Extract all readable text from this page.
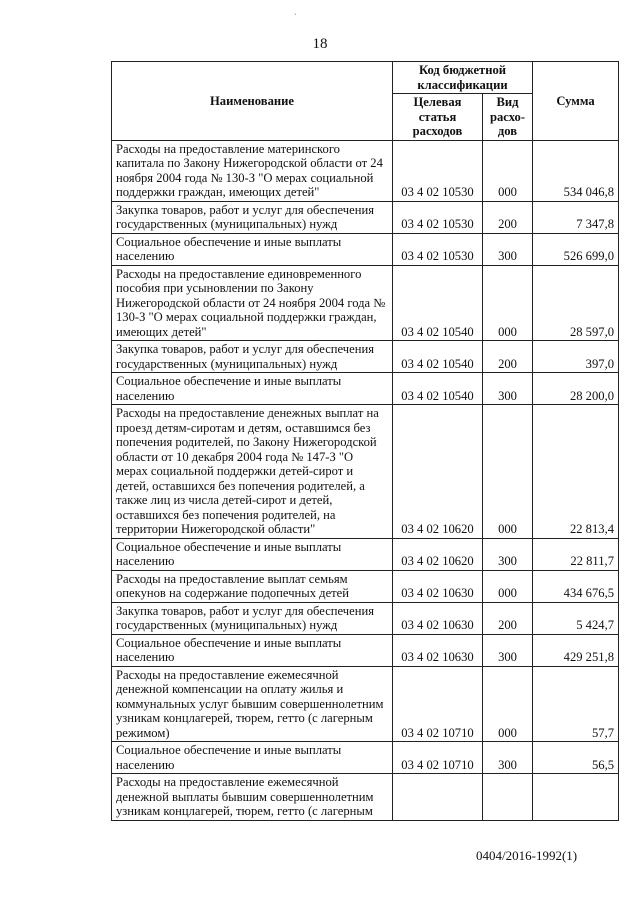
ˎ
18
Наименование	Код бюджетной классификации		Сумма
	Целевая статья расходов	Вид расхо-дов	
Расходы на предоставление материнского капитала по Закону Нижегородской области от 24 ноября 2004 года № 130-З "О мерах социальной поддержки граждан, имеющих детей"	03 4 02 10530	000	534 046,8
Закупка товаров, работ и услуг для обеспечения государственных (муниципальных) нужд	03 4 02 10530	200	7 347,8
Социальное обеспечение и иные выплаты населению	03 4 02 10530	300	526 699,0
Расходы на предоставление единовременного пособия при усыновлении по Закону Нижегородской области от 24 ноября 2004 года № 130-З "О мерах социальной поддержки граждан, имеющих детей"	03 4 02 10540	000	28 597,0
Закупка товаров, работ и услуг для обеспечения государственных (муниципальных) нужд	03 4 02 10540	200	397,0
Социальное обеспечение и иные выплаты населению	03 4 02 10540	300	28 200,0
Расходы на предоставление денежных выплат на проезд детям-сиротам и детям, оставшимся без попечения родителей, по Закону Нижегородской области от 10 декабря 2004 года № 147-З "О мерах социальной поддержки детей-сирот и детей, оставшихся без попечения родителей, а также лиц из числа детей-сирот и детей, оставшихся без попечения родителей, на территории Нижегородской области"	03 4 02 10620	000	22 813,4
Социальное обеспечение и иные выплаты населению	03 4 02 10620	300	22 811,7
Расходы на предоставление выплат семьям опекунов на содержание подопечных детей	03 4 02 10630	000	434 676,5
Закупка товаров, работ и услуг для обеспечения государственных (муниципальных) нужд	03 4 02 10630	200	5 424,7
Социальное обеспечение и иные выплаты населению	03 4 02 10630	300	429 251,8
Расходы на предоставление ежемесячной денежной компенсации на оплату жилья и коммунальных услуг бывшим совершеннолетним узникам концлагерей, тюрем, гетто (с лагерным режимом)	03 4 02 10710	000	57,7
Социальное обеспечение и иные выплаты населению	03 4 02 10710	300	56,5
Расходы на предоставление ежемесячной денежной выплаты бывшим совершеннолетним узникам концлагерей, тюрем, гетто (с лагерным			
0404/2016-1992(1)
